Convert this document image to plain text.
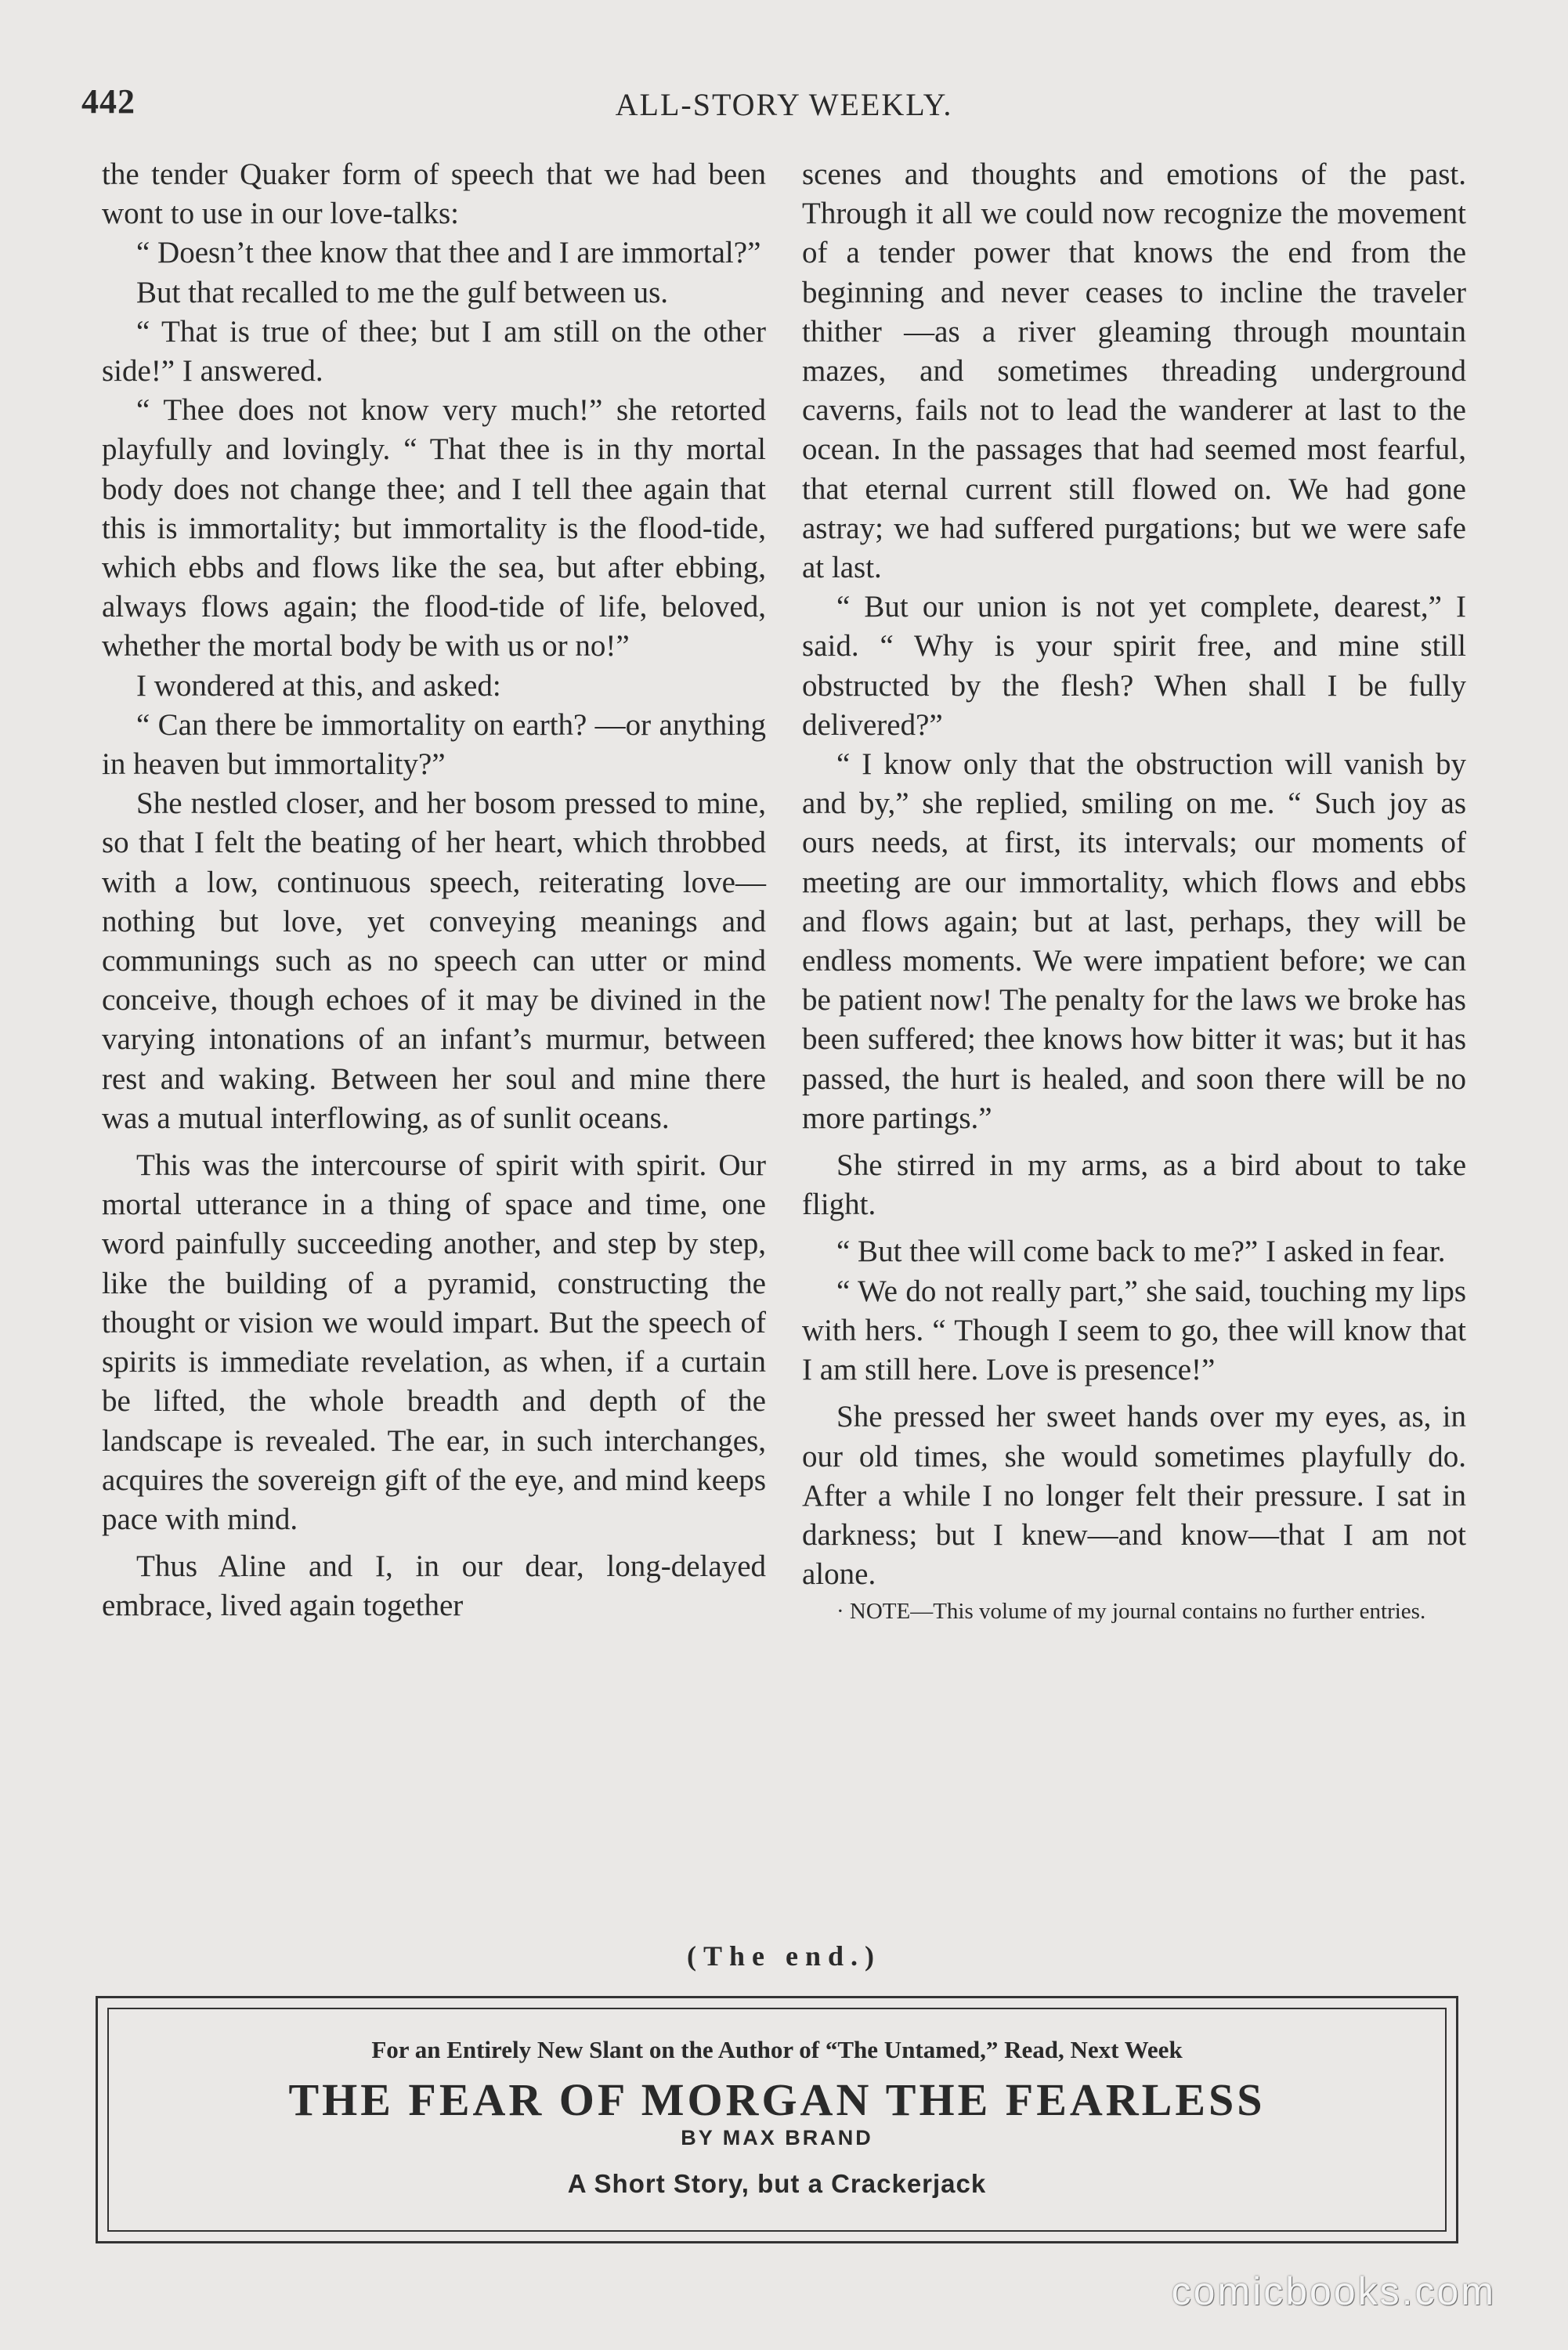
442	ALL-STORY WEEKLY.

the tender Quaker form of speech that we had been wont to use in our love-talks:

“ Doesn’t thee know that thee and I are immortal?”

But that recalled to me the gulf between us.

“ That is true of thee; but I am still on the other side!” I answered.

“ Thee does not know very much!” she retorted playfully and lovingly. “ That thee is in thy mortal body does not change thee; and I tell thee again that this is immortality; but immortality is the flood-tide, which ebbs and flows like the sea, but after ebbing, always flows again; the flood-tide of life, beloved, whether the mortal body be with us or no!”

I wondered at this, and asked:

“ Can there be immortality on earth? —or anything in heaven but immortality?”

She nestled closer, and her bosom pressed to mine, so that I felt the beating of her heart, which throbbed with a low, continuous speech, reiterating love—nothing but love, yet conveying meanings and communings such as no speech can utter or mind conceive, though echoes of it may be divined in the varying intonations of an infant’s murmur, between rest and waking. Between her soul and mine there was a mutual interflowing, as of sunlit oceans.

This was the intercourse of spirit with spirit. Our mortal utterance in a thing of space and time, one word painfully succeeding another, and step by step, like the building of a pyramid, constructing the thought or vision we would impart. But the speech of spirits is immediate revelation, as when, if a curtain be lifted, the whole breadth and depth of the landscape is revealed. The ear, in such interchanges, acquires the sovereign gift of the eye, and mind keeps pace with mind.

Thus Aline and I, in our dear, long-delayed embrace, lived again together

scenes and thoughts and emotions of the past. Through it all we could now recognize the movement of a tender power that knows the end from the beginning and never ceases to incline the traveler thither —as a river gleaming through mountain mazes, and sometimes threading underground caverns, fails not to lead the wanderer at last to the ocean. In the passages that had seemed most fearful, that eternal current still flowed on. We had gone astray; we had suffered purgations; but we were safe at last.

“ But our union is not yet complete, dearest,” I said. “ Why is your spirit free, and mine still obstructed by the flesh? When shall I be fully delivered?”

“ I know only that the obstruction will vanish by and by,” she replied, smiling on me. “ Such joy as ours needs, at first, its intervals; our moments of meeting are our immortality, which flows and ebbs and flows again; but at last, perhaps, they will be endless moments. We were impatient before; we can be patient now! The penalty for the laws we broke has been suffered; thee knows how bitter it was; but it has passed, the hurt is healed, and soon there will be no more partings.”

She stirred in my arms, as a bird about to take flight.

“ But thee will come back to me?” I asked in fear.

“ We do not really part,” she said, touching my lips with hers. “ Though I seem to go, thee will know that I am still here. Love is presence!”

She pressed her sweet hands over my eyes, as, in our old times, she would sometimes playfully do. After a while I no longer felt their pressure. I sat in darkness; but I knew—and know—that I am not alone.

· NOTE—This volume of my journal contains no further entries.

(The end.)
For an Entirely New Slant on the Author of “The Untamed,” Read, Next Week
THE FEAR OF MORGAN THE FEARLESS
BY MAX BRAND
A Short Story, but a Crackerjack
comicbooks.com
